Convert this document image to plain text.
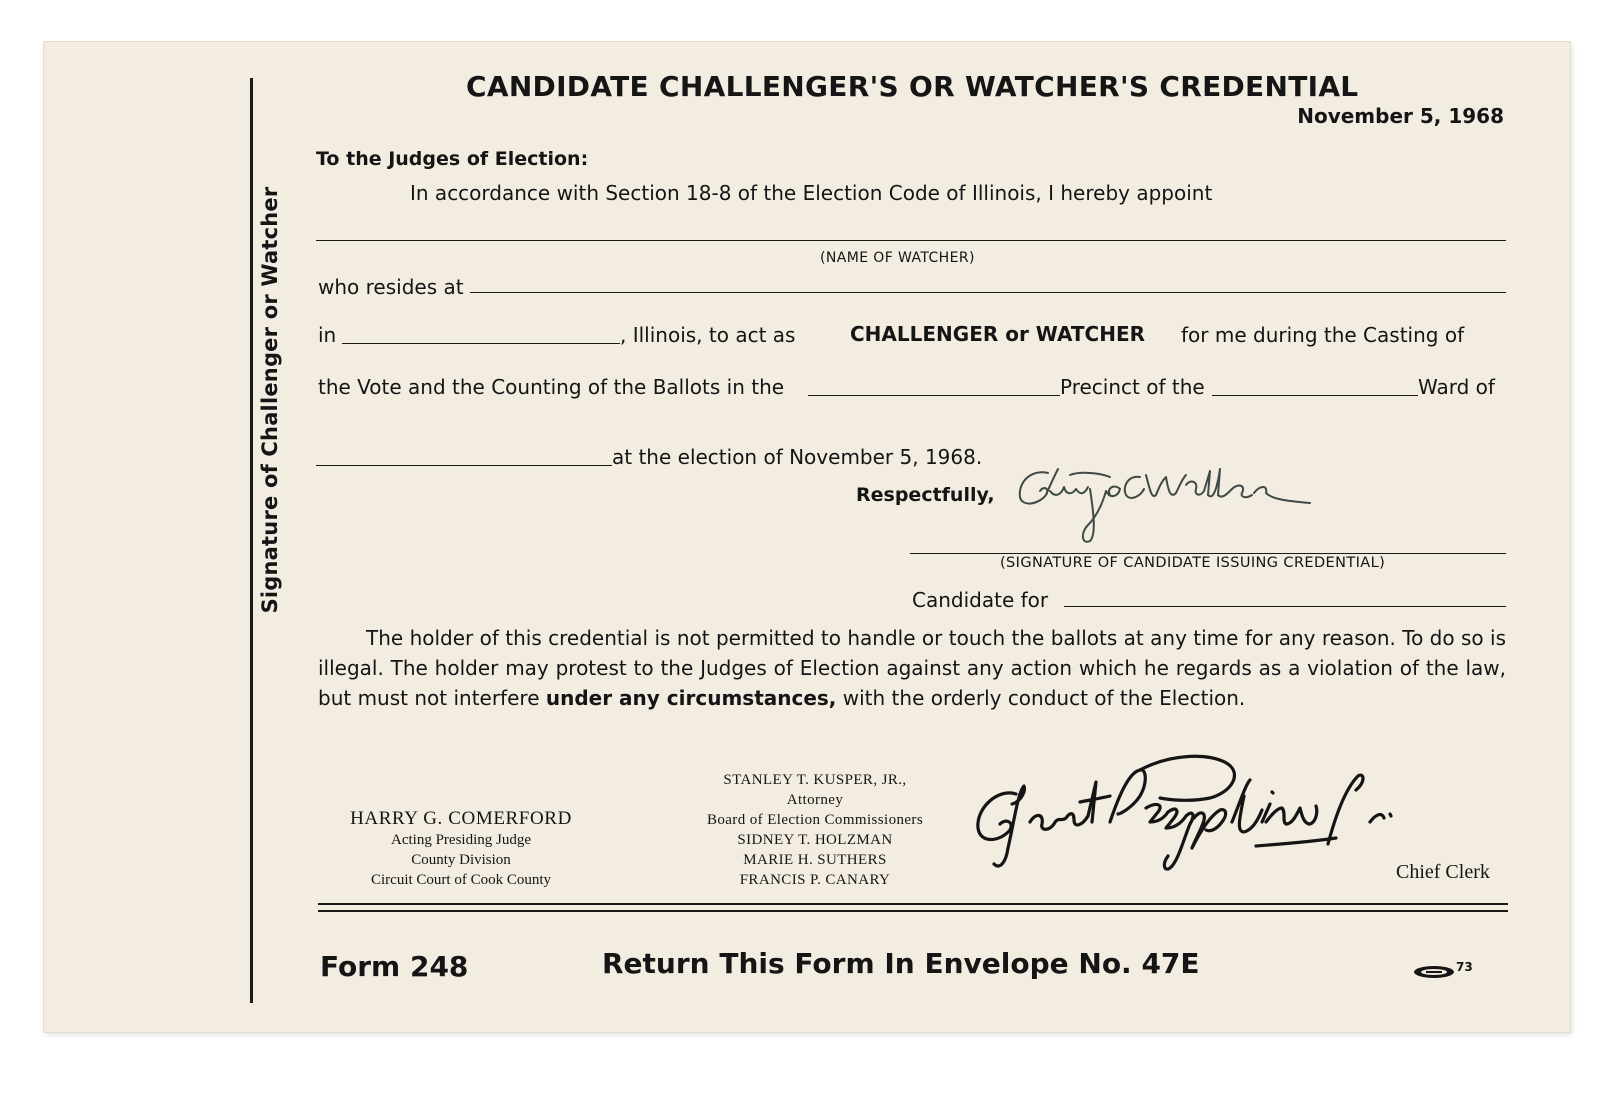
Signature of Challenger or Watcher
CANDIDATE CHALLENGER'S OR WATCHER'S CREDENTIAL
November 5, 1968
To the Judges of Election:
In accordance with Section 18-8 of the Election Code of Illinois, I hereby appoint
(NAME OF WATCHER)
who resides at
in	, Illinois, to act as	CHALLENGER or WATCHER for me during the Casting of
the Vote and the Counting of the Ballots in the	Precinct of the	Ward of
at the election of November 5, 1968.
Respectfully,
(SIGNATURE OF CANDIDATE ISSUING CREDENTIAL)
Candidate for
The holder of this credential is not permitted to handle or touch the ballots at any time for any reason. To do so is illegal. The holder may protest to the Judges of Election against any action which he regards as a violation of the law, but must not interfere under any circumstances, with the orderly conduct of the Election.
HARRY G. COMERFORD
Acting Presiding Judge
County Division
Circuit Court of Cook County
STANLEY T. KUSPER, JR.,
Attorney
Board of Election Commissioners
SIDNEY T. HOLZMAN
MARIE H. SUTHERS
FRANCIS P. CANARY	Chief Clerk
Form 248	Return This Form In Envelope No. 47E	73
